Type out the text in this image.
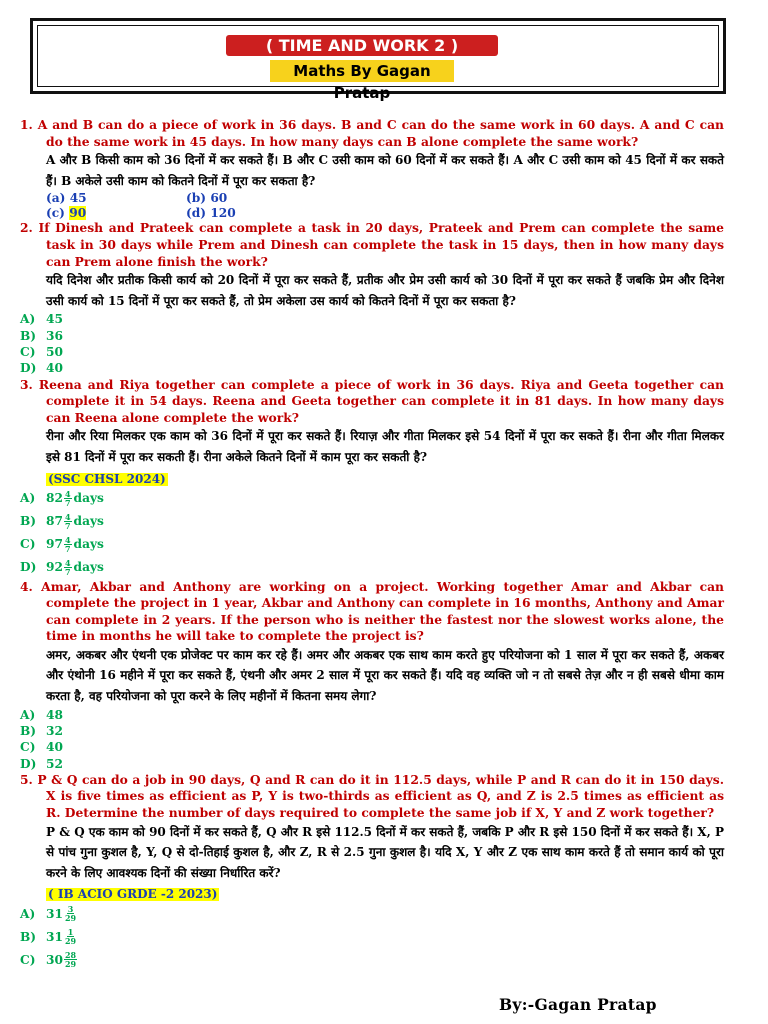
( TIME AND WORK 2 )
Maths By Gagan Pratap

1. A and B can do a piece of work in 36 days. B and C can do the same work in 60 days. A and C can do the same work in 45 days. In how many days can B alone complete the same work?

A और B किसी काम को 36 दिनों में कर सकते हैं। B और C उसी काम को 60 दिनों में कर सकते हैं। A और C उसी काम को 45 दिनों में कर सकते हैं। B अकेले उसी काम को कितने दिनों में पूरा कर सकता है?

(a) 45	(b) 60
(c) 90	(d) 120

2. If Dinesh and Prateek can complete a task in 20 days, Prateek and Prem can complete the same task in 30 days while Prem and Dinesh can complete the task in 15 days, then in how many days can Prem alone finish the work?

यदि दिनेश और प्रतीक किसी कार्य को 20 दिनों में पूरा कर सकते हैं, प्रतीक और प्रेम उसी कार्य को 30 दिनों में पूरा कर सकते हैं जबकि प्रेम और दिनेश उसी कार्य को 15 दिनों में पूरा कर सकते हैं, तो प्रेम अकेला उस कार्य को कितने दिनों में पूरा कर सकता है?

A) 45
B) 36
C) 50
D) 40

3. Reena and Riya together can complete a piece of work in 36 days. Riya and Geeta together can complete it in 54 days. Reena and Geeta together can complete it in 81 days. In how many days can Reena alone complete the work?

रीना और रिया मिलकर एक काम को 36 दिनों में पूरा कर सकते हैं। रियाज़ और गीता मिलकर इसे 54 दिनों में पूरा कर सकते हैं। रीना और गीता मिलकर इसे 81 दिनों में पूरा कर सकती हैं। रीना अकेले कितने दिनों में काम पूरा कर सकती है?

(SSC CHSL 2024)
A) $82 \frac{4}{7}$ days
B) $87 \frac{4}{7}$ days
C) $97 \frac{4}{7}$ days
D) $92 \frac{4}{7}$ days

4. Amar, Akbar and Anthony are working on a project. Working together Amar and Akbar can complete the project in 1 year, Akbar and Anthony can complete in 16 months, Anthony and Amar can complete in 2 years. If the person who is neither the fastest nor the slowest works alone, the time in months he will take to complete the project is?

अमर, अकबर और एंथनी एक प्रोजेक्ट पर काम कर रहे हैं। अमर और अकबर एक साथ काम करते हुए परियोजना को 1 साल में पूरा कर सकते हैं, अकबर और एंथोनी 16 महीने में पूरा कर सकते हैं, एंथनी और अमर 2 साल में पूरा कर सकते हैं। यदि वह व्यक्ति जो न तो सबसे तेज़ और न ही सबसे धीमा काम करता है, वह परियोजना को पूरा करने के लिए महीनों में कितना समय लेगा?

A) 48
B) 32
C) 40
D) 52

5. P & Q can do a job in 90 days, Q and R can do it in 112.5 days, while P and R can do it in 150 days. X is five times as efficient as P, Y is two-thirds as efficient as Q, and Z is 2.5 times as efficient as R. Determine the number of days required to complete the same job if X, Y and Z work together?

P & Q एक काम को 90 दिनों में कर सकते हैं, Q और R इसे 112.5 दिनों में कर सकते हैं, जबकि P और R इसे 150 दिनों में कर सकते हैं। X, P से पांच गुना कुशल है, Y, Q से दो-तिहाई कुशल है, और Z, R से 2.5 गुना कुशल है। यदि X, Y और Z एक साथ काम करते हैं तो समान कार्य को पूरा करने के लिए आवश्यक दिनों की संख्या निर्धारित करें?

( IB ACIO GRDE -2 2023)
A) $31 \frac{3}{29}$
B) $31 \frac{1}{29}$
C) $30 \frac{28}{29}$
By:-Gagan Pratap
